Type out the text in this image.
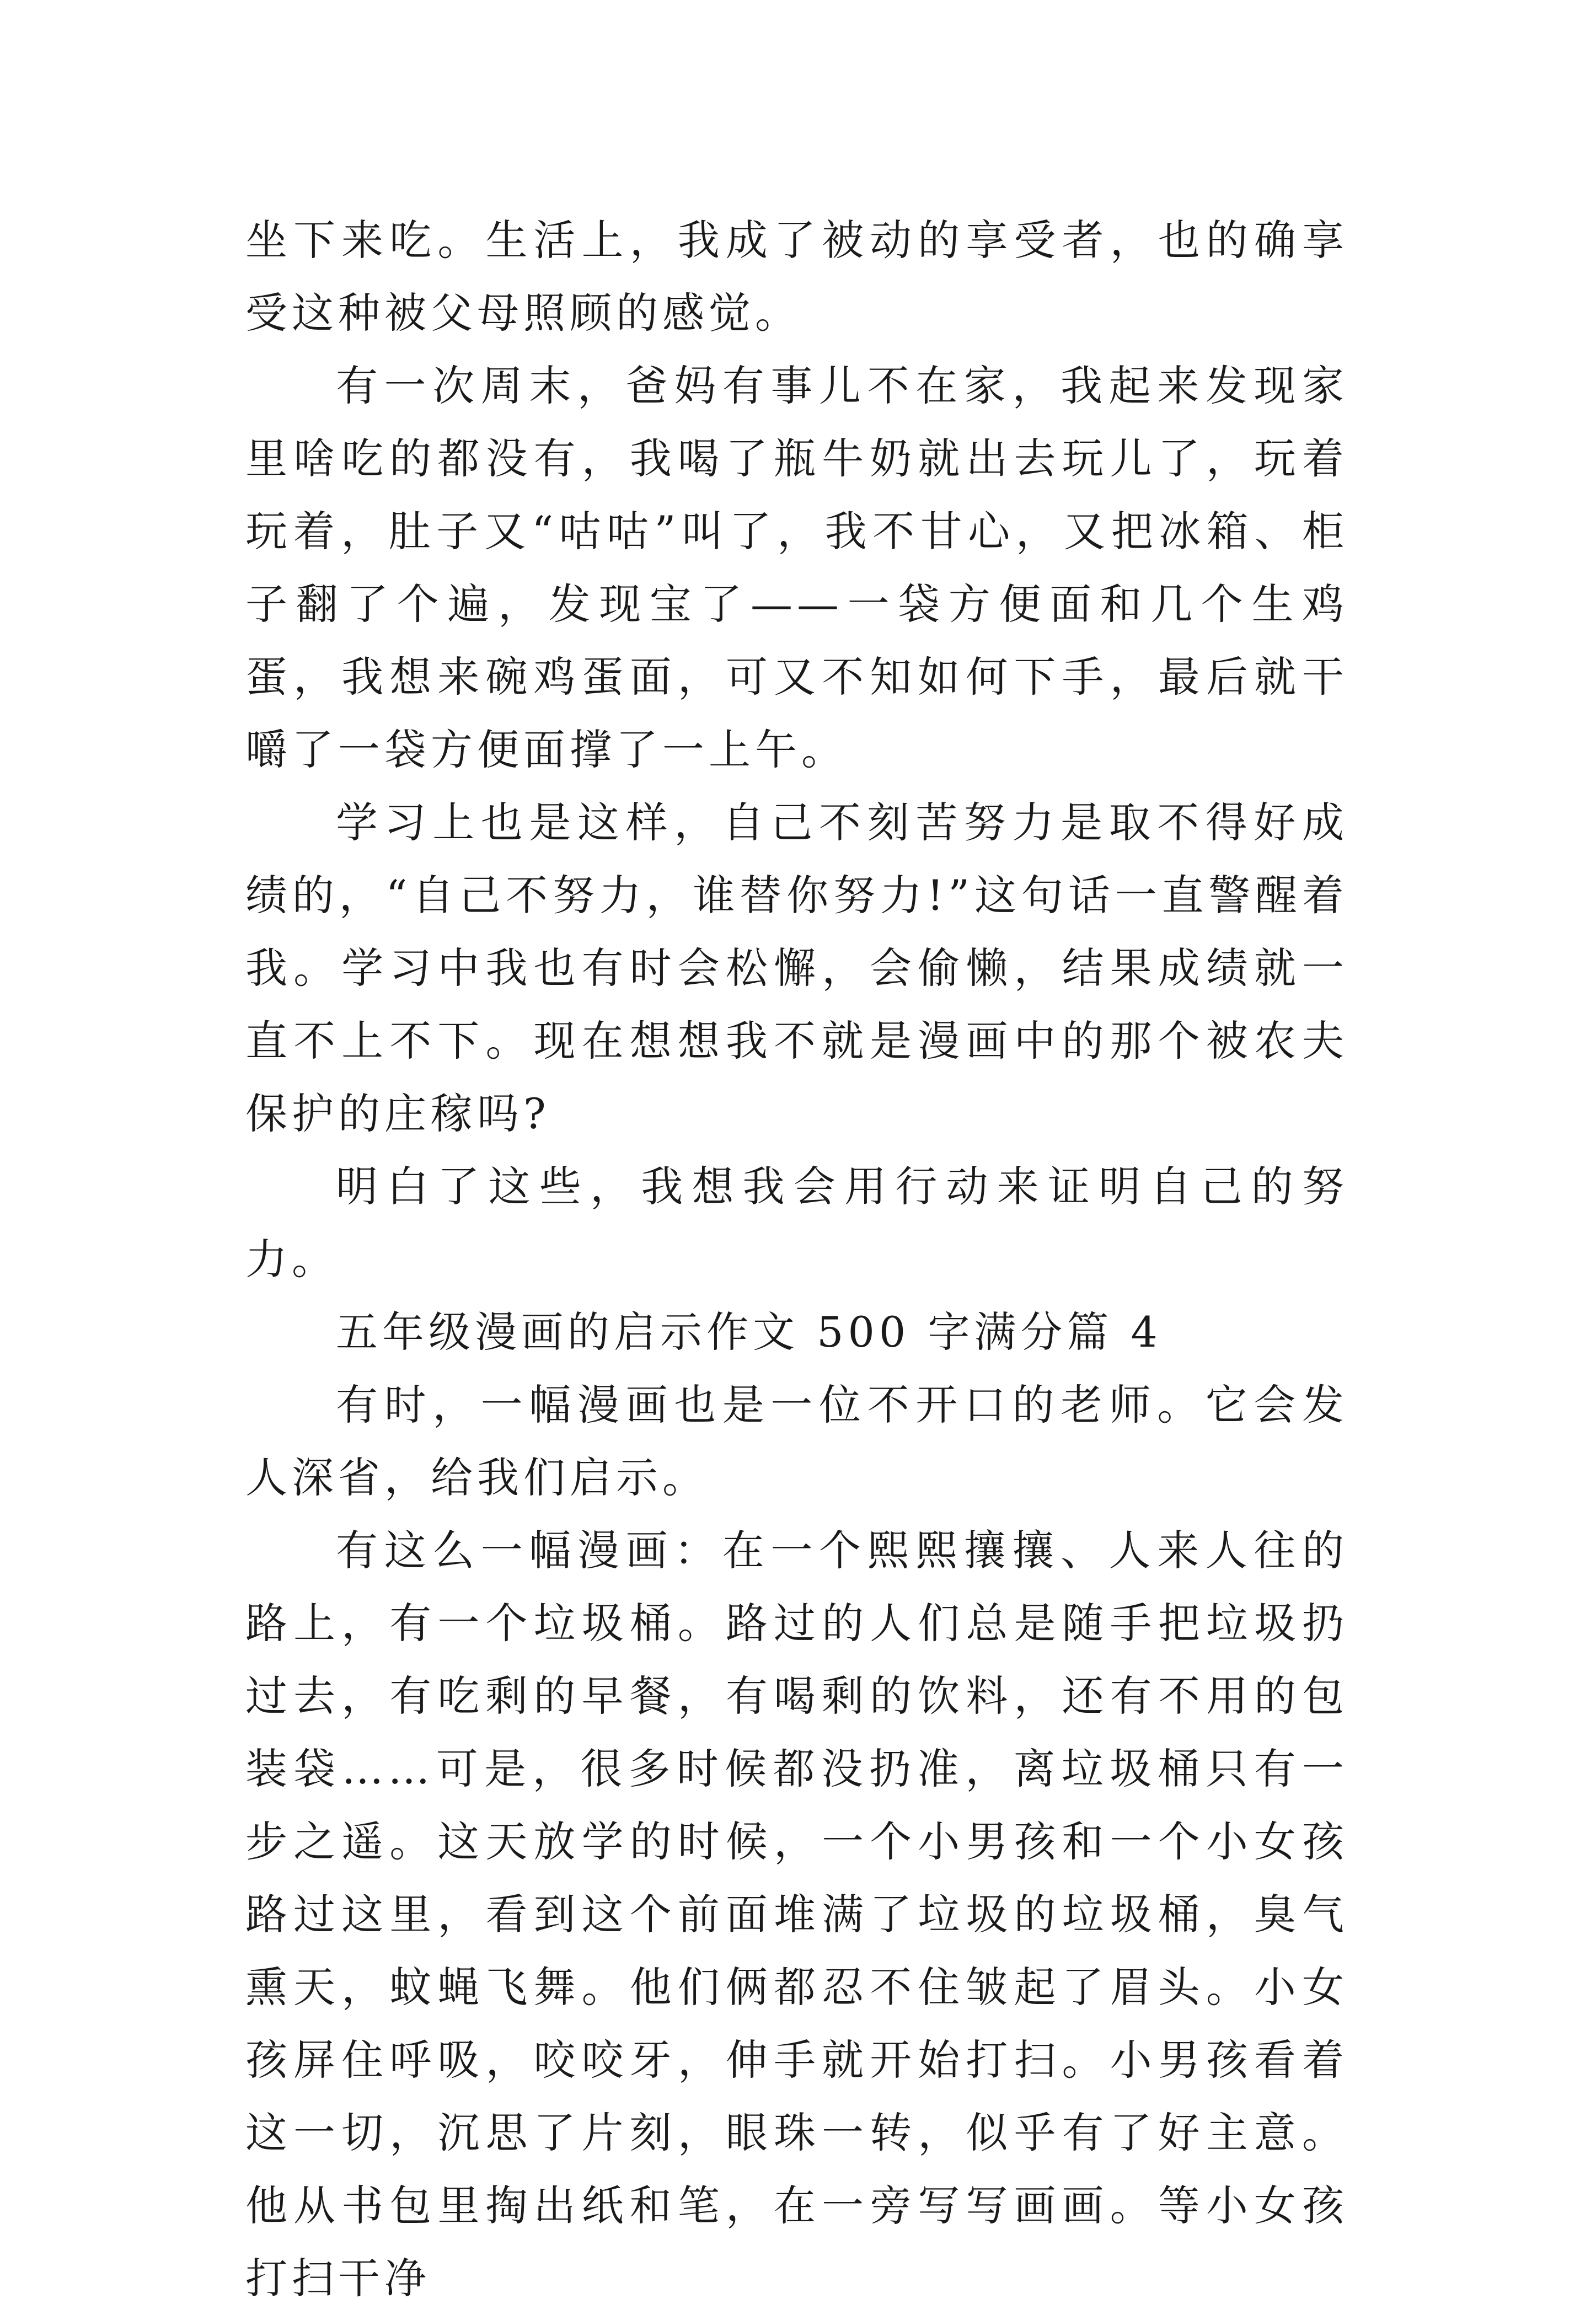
坐下来吃。生活上，我成了被动的享受者，也的确享受这种被父母照顾的感觉。

有一次周末，爸妈有事儿不在家，我起来发现家里啥吃的都没有，我喝了瓶牛奶就出去玩儿了，玩着玩着，肚子又“咕咕”叫了，我不甘心，又把冰箱、柜子翻了个遍，发现宝了——一袋方便面和几个生鸡蛋，我想来碗鸡蛋面，可又不知如何下手，最后就干嚼了一袋方便面撑了一上午。

学习上也是这样，自己不刻苦努力是取不得好成绩的，“自己不努力，谁替你努力!”这句话一直警醒着我。学习中我也有时会松懈，会偷懒，结果成绩就一直不上不下。现在想想我不就是漫画中的那个被农夫保护的庄稼吗?

明白了这些，我想我会用行动来证明自己的努力。

五年级漫画的启示作文 500 字满分篇 4

有时，一幅漫画也是一位不开口的老师。它会发人深省，给我们启示。

有这么一幅漫画：在一个熙熙攘攘、人来人往的路上，有一个垃圾桶。路过的人们总是随手把垃圾扔过去，有吃剩的早餐，有喝剩的饮料，还有不用的包装袋……可是，很多时候都没扔准，离垃圾桶只有一步之遥。这天放学的时候，一个小男孩和一个小女孩路过这里，看到这个前面堆满了垃圾的垃圾桶，臭气熏天，蚊蝇飞舞。他们俩都忍不住皱起了眉头。小女孩屏住呼吸，咬咬牙，伸手就开始打扫。小男孩看着这一切，沉思了片刻，眼珠一转，似乎有了好主意。他从书包里掏出纸和笔，在一旁写写画画。等小女孩打扫干净
